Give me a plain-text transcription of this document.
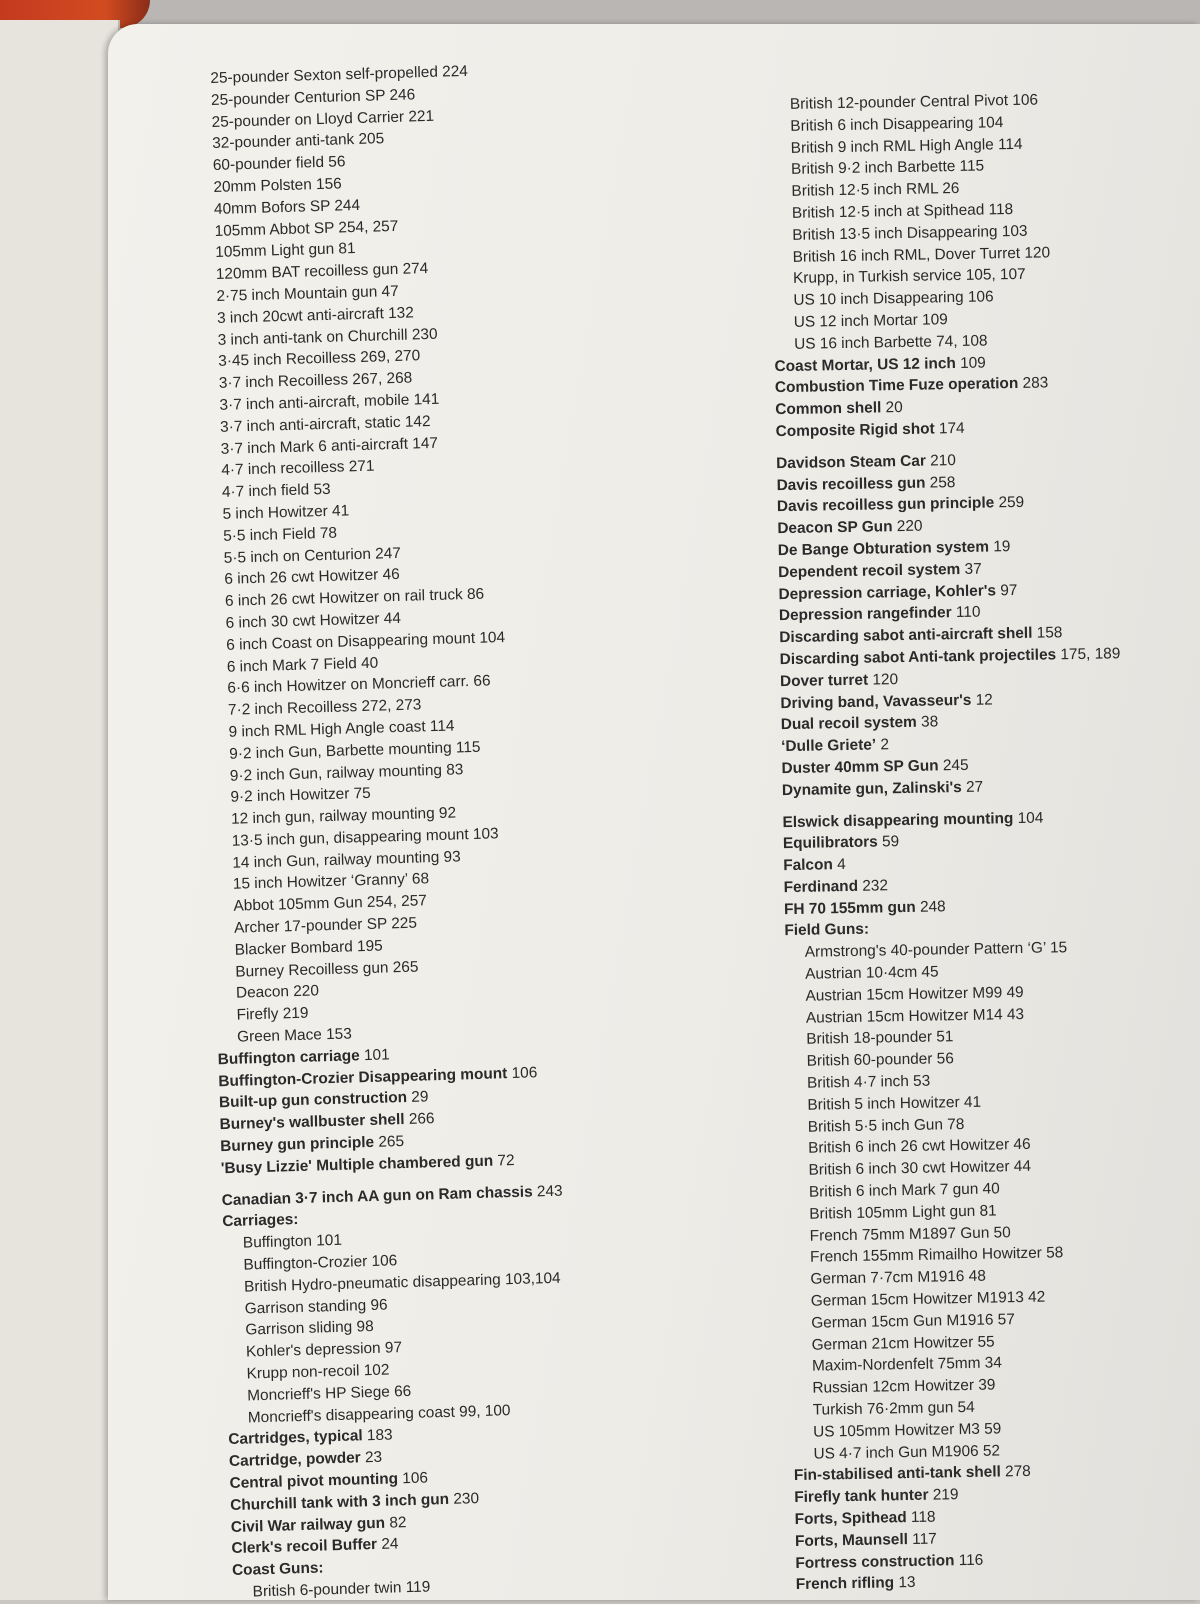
25-pounder Sexton self-propelled 224
25-pounder Centurion SP 246
25-pounder on Lloyd Carrier 221
32-pounder anti-tank 205
60-pounder field 56
20mm Polsten 156
40mm Bofors SP 244
105mm Abbot SP 254, 257
105mm Light gun 81
120mm BAT recoilless gun 274
2·75 inch Mountain gun 47
3 inch 20cwt anti-aircraft 132
3 inch anti-tank on Churchill 230
3·45 inch Recoilless 269, 270
3·7 inch Recoilless 267, 268
3·7 inch anti-aircraft, mobile 141
3·7 inch anti-aircraft, static 142
3·7 inch Mark 6 anti-aircraft 147
4·7 inch recoilless 271
4·7 inch field 53
5 inch Howitzer 41
5·5 inch Field 78
5·5 inch on Centurion 247
6 inch 26 cwt Howitzer 46
6 inch 26 cwt Howitzer on rail truck 86
6 inch 30 cwt Howitzer 44
6 inch Coast on Disappearing mount 104
6 inch Mark 7 Field 40
6·6 inch Howitzer on Moncrieff carr. 66
7·2 inch Recoilless 272, 273
9 inch RML High Angle coast 114
9·2 inch Gun, Barbette mounting 115
9·2 inch Gun, railway mounting 83
9·2 inch Howitzer 75
12 inch gun, railway mounting 92
13·5 inch gun, disappearing mount 103
14 inch Gun, railway mounting 93
15 inch Howitzer ‘Granny’ 68
Abbot 105mm Gun 254, 257
Archer 17-pounder SP 225
Blacker Bombard 195
Burney Recoilless gun 265
Deacon 220
Firefly 219
Green Mace 153
Buffington carriage 101
Buffington-Crozier Disappearing mount 106
Built-up gun construction 29
Burney's wallbuster shell 266
Burney gun principle 265
'Busy Lizzie' Multiple chambered gun 72
Canadian 3·7 inch AA gun on Ram chassis 243
Carriages:
Buffington 101
Buffington-Crozier 106
British Hydro-pneumatic disappearing 103,104
Garrison standing 96
Garrison sliding 98
Kohler's depression 97
Krupp non-recoil 102
Moncrieff's HP Siege 66
Moncrieff's disappearing coast 99, 100
Cartridges, typical 183
Cartridge, powder 23
Central pivot mounting 106
Churchill tank with 3 inch gun 230
Civil War railway gun 82
Clerk's recoil Buffer 24
Coast Guns:
British 6-pounder twin 119
British 12-pounder Central Pivot 106
British 6 inch Disappearing 104
British 9 inch RML High Angle 114
British 9·2 inch Barbette 115
British 12·5 inch RML 26
British 12·5 inch at Spithead 118
British 13·5 inch Disappearing 103
British 16 inch RML, Dover Turret 120
Krupp, in Turkish service 105, 107
US 10 inch Disappearing 106
US 12 inch Mortar 109
US 16 inch Barbette 74, 108
Coast Mortar, US 12 inch 109
Combustion Time Fuze operation 283
Common shell 20
Composite Rigid shot 174
Davidson Steam Car 210
Davis recoilless gun 258
Davis recoilless gun principle 259
Deacon SP Gun 220
De Bange Obturation system 19
Dependent recoil system 37
Depression carriage, Kohler's 97
Depression rangefinder 110
Discarding sabot anti-aircraft shell 158
Discarding sabot Anti-tank projectiles 175, 189
Dover turret 120
Driving band, Vavasseur's 12
Dual recoil system 38
‘Dulle Griete’ 2
Duster 40mm SP Gun 245
Dynamite gun, Zalinski's 27
Elswick disappearing mounting 104
Equilibrators 59
Falcon 4
Ferdinand 232
FH 70 155mm gun 248
Field Guns:
Armstrong's 40-pounder Pattern ‘G’ 15
Austrian 10·4cm 45
Austrian 15cm Howitzer M99 49
Austrian 15cm Howitzer M14 43
British 18-pounder 51
British 60-pounder 56
British 4·7 inch 53
British 5 inch Howitzer 41
British 5·5 inch Gun 78
British 6 inch 26 cwt Howitzer 46
British 6 inch 30 cwt Howitzer 44
British 6 inch Mark 7 gun 40
British 105mm Light gun 81
French 75mm M1897 Gun 50
French 155mm Rimailho Howitzer 58
German 7·7cm M1916 48
German 15cm Howitzer M1913 42
German 15cm Gun M1916 57
German 21cm Howitzer 55
Maxim-Nordenfelt 75mm 34
Russian 12cm Howitzer 39
Turkish 76·2mm gun 54
US 105mm Howitzer M3 59
US 4·7 inch Gun M1906 52
Fin-stabilised anti-tank shell 278
Firefly tank hunter 219
Forts, Spithead 118
Forts, Maunsell 117
Fortress construction 116
French rifling 13
